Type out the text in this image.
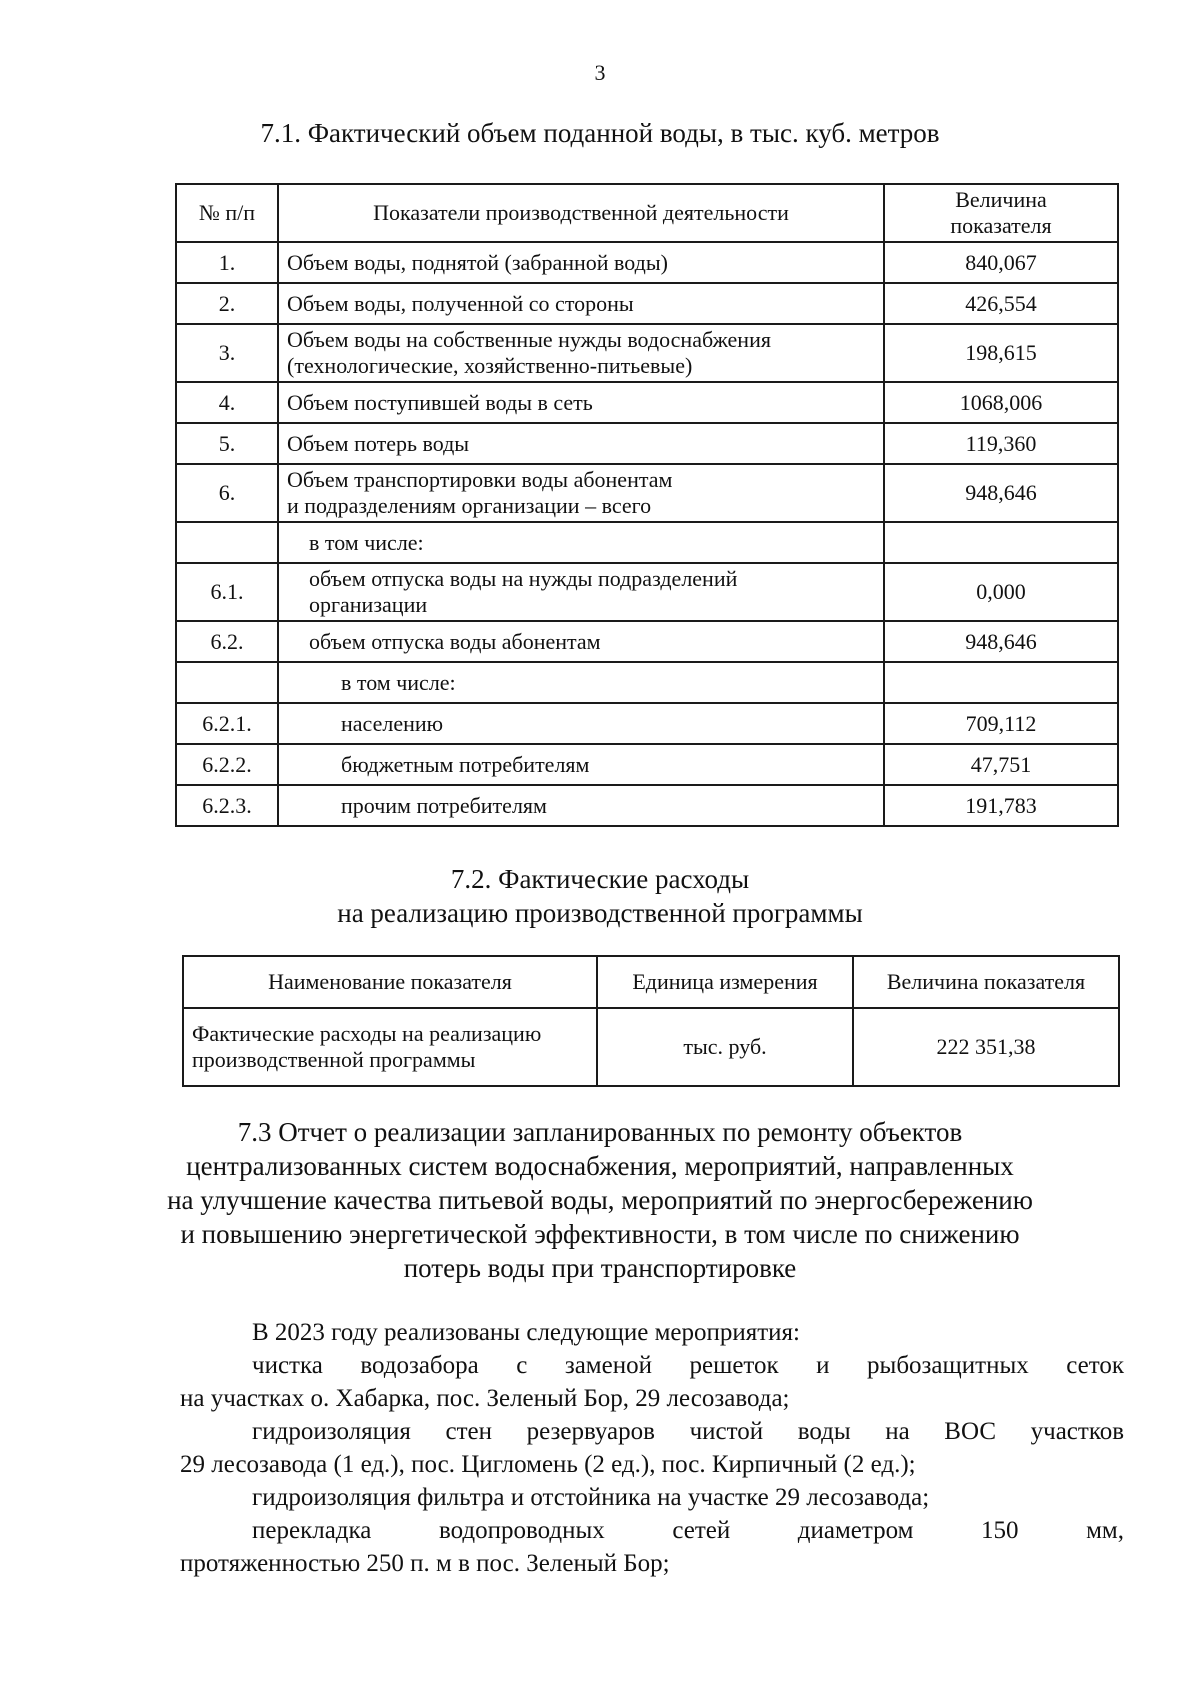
3
7.1. Фактический объем поданной воды, в тыс. куб. метров
№ п/п	Показатели производственной деятельности	Величина
показателя
1.	Объем воды, поднятой (забранной воды)	840,067
2.	Объем воды, полученной со стороны	426,554
3.	Объем воды на собственные нужды водоснабжения
(технологические, хозяйственно-питьевые)	198,615
4.	Объем поступившей воды в сеть	1068,006
5.	Объем потерь воды	119,360
6.	Объем транспортировки воды абонентам
и подразделениям организации – всего	948,646
	в том числе:	
6.1.	объем отпуска воды на нужды подразделений
организации	0,000
6.2.	объем отпуска воды абонентам	948,646
	в том числе:	
6.2.1.	населению	709,112
6.2.2.	бюджетным потребителям	47,751
6.2.3.	прочим потребителям	191,783
7.2. Фактические расходы
на реализацию производственной программы
Наименование показателя	Единица измерения	Величина показателя
Фактические расходы на реализацию
производственной программы	тыс. руб.	222 351,38
7.3 Отчет о реализации запланированных по ремонту объектов
централизованных систем водоснабжения, мероприятий, направленных
на улучшение качества питьевой воды, мероприятий по энергосбережению
и повышению энергетической эффективности, в том числе по снижению
потерь воды при транспортировке
В 2023 году реализованы следующие мероприятия:
чистка водозабора с заменой решеток и рыбозащитных сеток
на участках о. Хабарка, пос. Зеленый Бор, 29 лесозавода;
гидроизоляция стен резервуаров чистой воды на ВОС участков
29 лесозавода (1 ед.), пос. Цигломень (2 ед.), пос. Кирпичный (2 ед.);
гидроизоляция фильтра и отстойника на участке 29 лесозавода;
перекладка водопроводных сетей диаметром 150 мм,
протяженностью 250 п. м в пос. Зеленый Бор;
